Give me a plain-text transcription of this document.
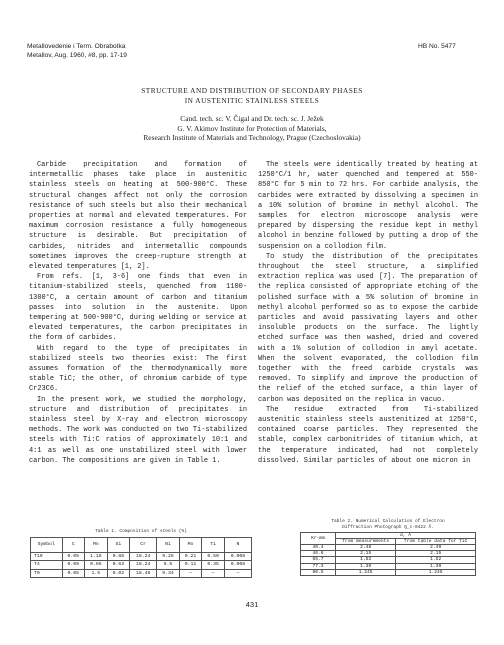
Metallovedenie i Term. Obrabotka
Metallov, Aug. 1960, #8, pp. 17-19
HB No. 5477
STRUCTURE AND DISTRIBUTION OF SECONDARY PHASES
IN AUSTENITIC STAINLESS STEELS
Cand. tech. sc. V. Čigal and Dr. tech. sc. J. Ježek
G. V. Akimov Institute for Protection of Materials,
Research Institute of Materials and Technology, Prague (Czechoslovakia)

Carbide precipitation and formation of intermetallic phases take place in austenitic stainless steels on heating at 500-900°C. These structural changes affect not only the corrosion resistance of such steels but also their mechanical properties at normal and elevated temperatures. For maximum corrosion resistance a fully homogeneous structure is desirable. But precipitation of carbides, nitrides and intermetallic compounds sometimes improves the creep-rupture strength at elevated temperatures [1, 2].

From refs. [1, 3-6] one finds that even in titanium-stabilized steels, quenched from 1100-1300°C, a certain amount of carbon and titanium passes into solution in the austenite. Upon tempering at 500-900°C, during welding or service at elevated temperatures, the carbon precipitates in the form of carbides.

With regard to the type of precipitates in stabilized steels two theories exist: The first assumes formation of the thermodynamically more stable TiC; the other, of chromium carbide of type Cr23C6.

In the present work, we studied the morphology, structure and distribution of precipitates in stainless steel by X-ray and electron microscopy methods. The work was conducted on two Ti-stabilized steels with Ti:C ratios of approximately 10:1 and 4:1 as well as one unstabilized steel with lower carbon. The compositions are given in Table 1.

The steels were identically treated by heating at 1250°C/1 hr, water quenched and tempered at 550-850°C for 5 min to 72 hrs. For carbide analysis, the carbides were extracted by dissolving a specimen in a 10% solution of bromine in methyl alcohol. The samples for electron microscope analysis were prepared by dispersing the residue kept in methyl alcohol in benzine followed by putting a drop of the suspension on a collodion film.

To study the distribution of the precipitates throughout the steel structure, a simplified extraction replica was used [7]. The preparation of the replica consisted of appropriate etching of the polished surface with a 5% solution of bromine in methyl alcohol performed so as to expose the carbide particles and avoid passivating layers and other insoluble products on the surface. The lightly etched surface was then washed, dried and covered with a 1% solution of collodion in amyl acetate. When the solvent evaporated, the collodion film together with the freed carbide crystals was removed. To simplify and improve the production of the relief of the etched surface, a thin layer of carbon was deposited on the replica in vacuo.

The residue extracted from Ti-stabilized austenitic stainless steels austenitized at 1250°C, contained coarse particles. They represented the stable, complex carbonitrides of titanium which, at the temperature indicated, had not completely dissolved. Similar particles of about one micron in

Table 1. Composition of steels (%)
Symbol	C	Mn	Si	Cr	Ni	Mo	Ti	N
T10	0.05	1.18	0.88	18.24	9.25	0.21	0.50	0.008
T4	0.09	0.65	0.63	18.24	9.5	0.11	0.35	0.008
T0	0.05	1.5	0.02	18.48	9.34	—	—	—
Table 2. Numerical Calculation of Electron
Diffraction Photograph Q_c-0422 Å.
Kr-mm	d, Å	
	from measurements	from table data for TiC
40.4	2.48	2.49
46.6	2.15	2.15
65.7	1.52	1.52
77.3	1.30	1.30
80.5	1.245	1.245
431
